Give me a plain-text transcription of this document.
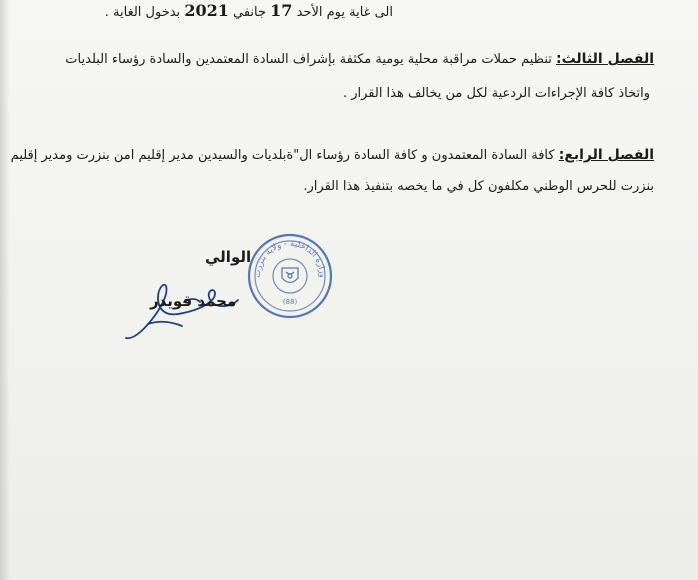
الى غاية يوم الأحد 17 جانفي 2021 بدخول الغاية .
الفصل الثالث: تنظيم حملات مراقبة محلية يومية مكثفة بإشراف السادة المعتمدين والسادة رؤساء البلديات
واتخاذ كافة الإجراءات الردعية لكل من يخالف هذا القرار .
الفصل الرابع: كافة السادة المعتمدون و كافة السادة رؤساء ال"ةبلديات والسيدين مدير إقليم امن بنزرت ومدير إقليم
بنزرت للحرس الوطني مكلفون كل في ما يخصه بتنفيذ هذا القرار.
الوالي
وزارة الداخلية - ولاية بنزرت
(88)
محمد قويدر
